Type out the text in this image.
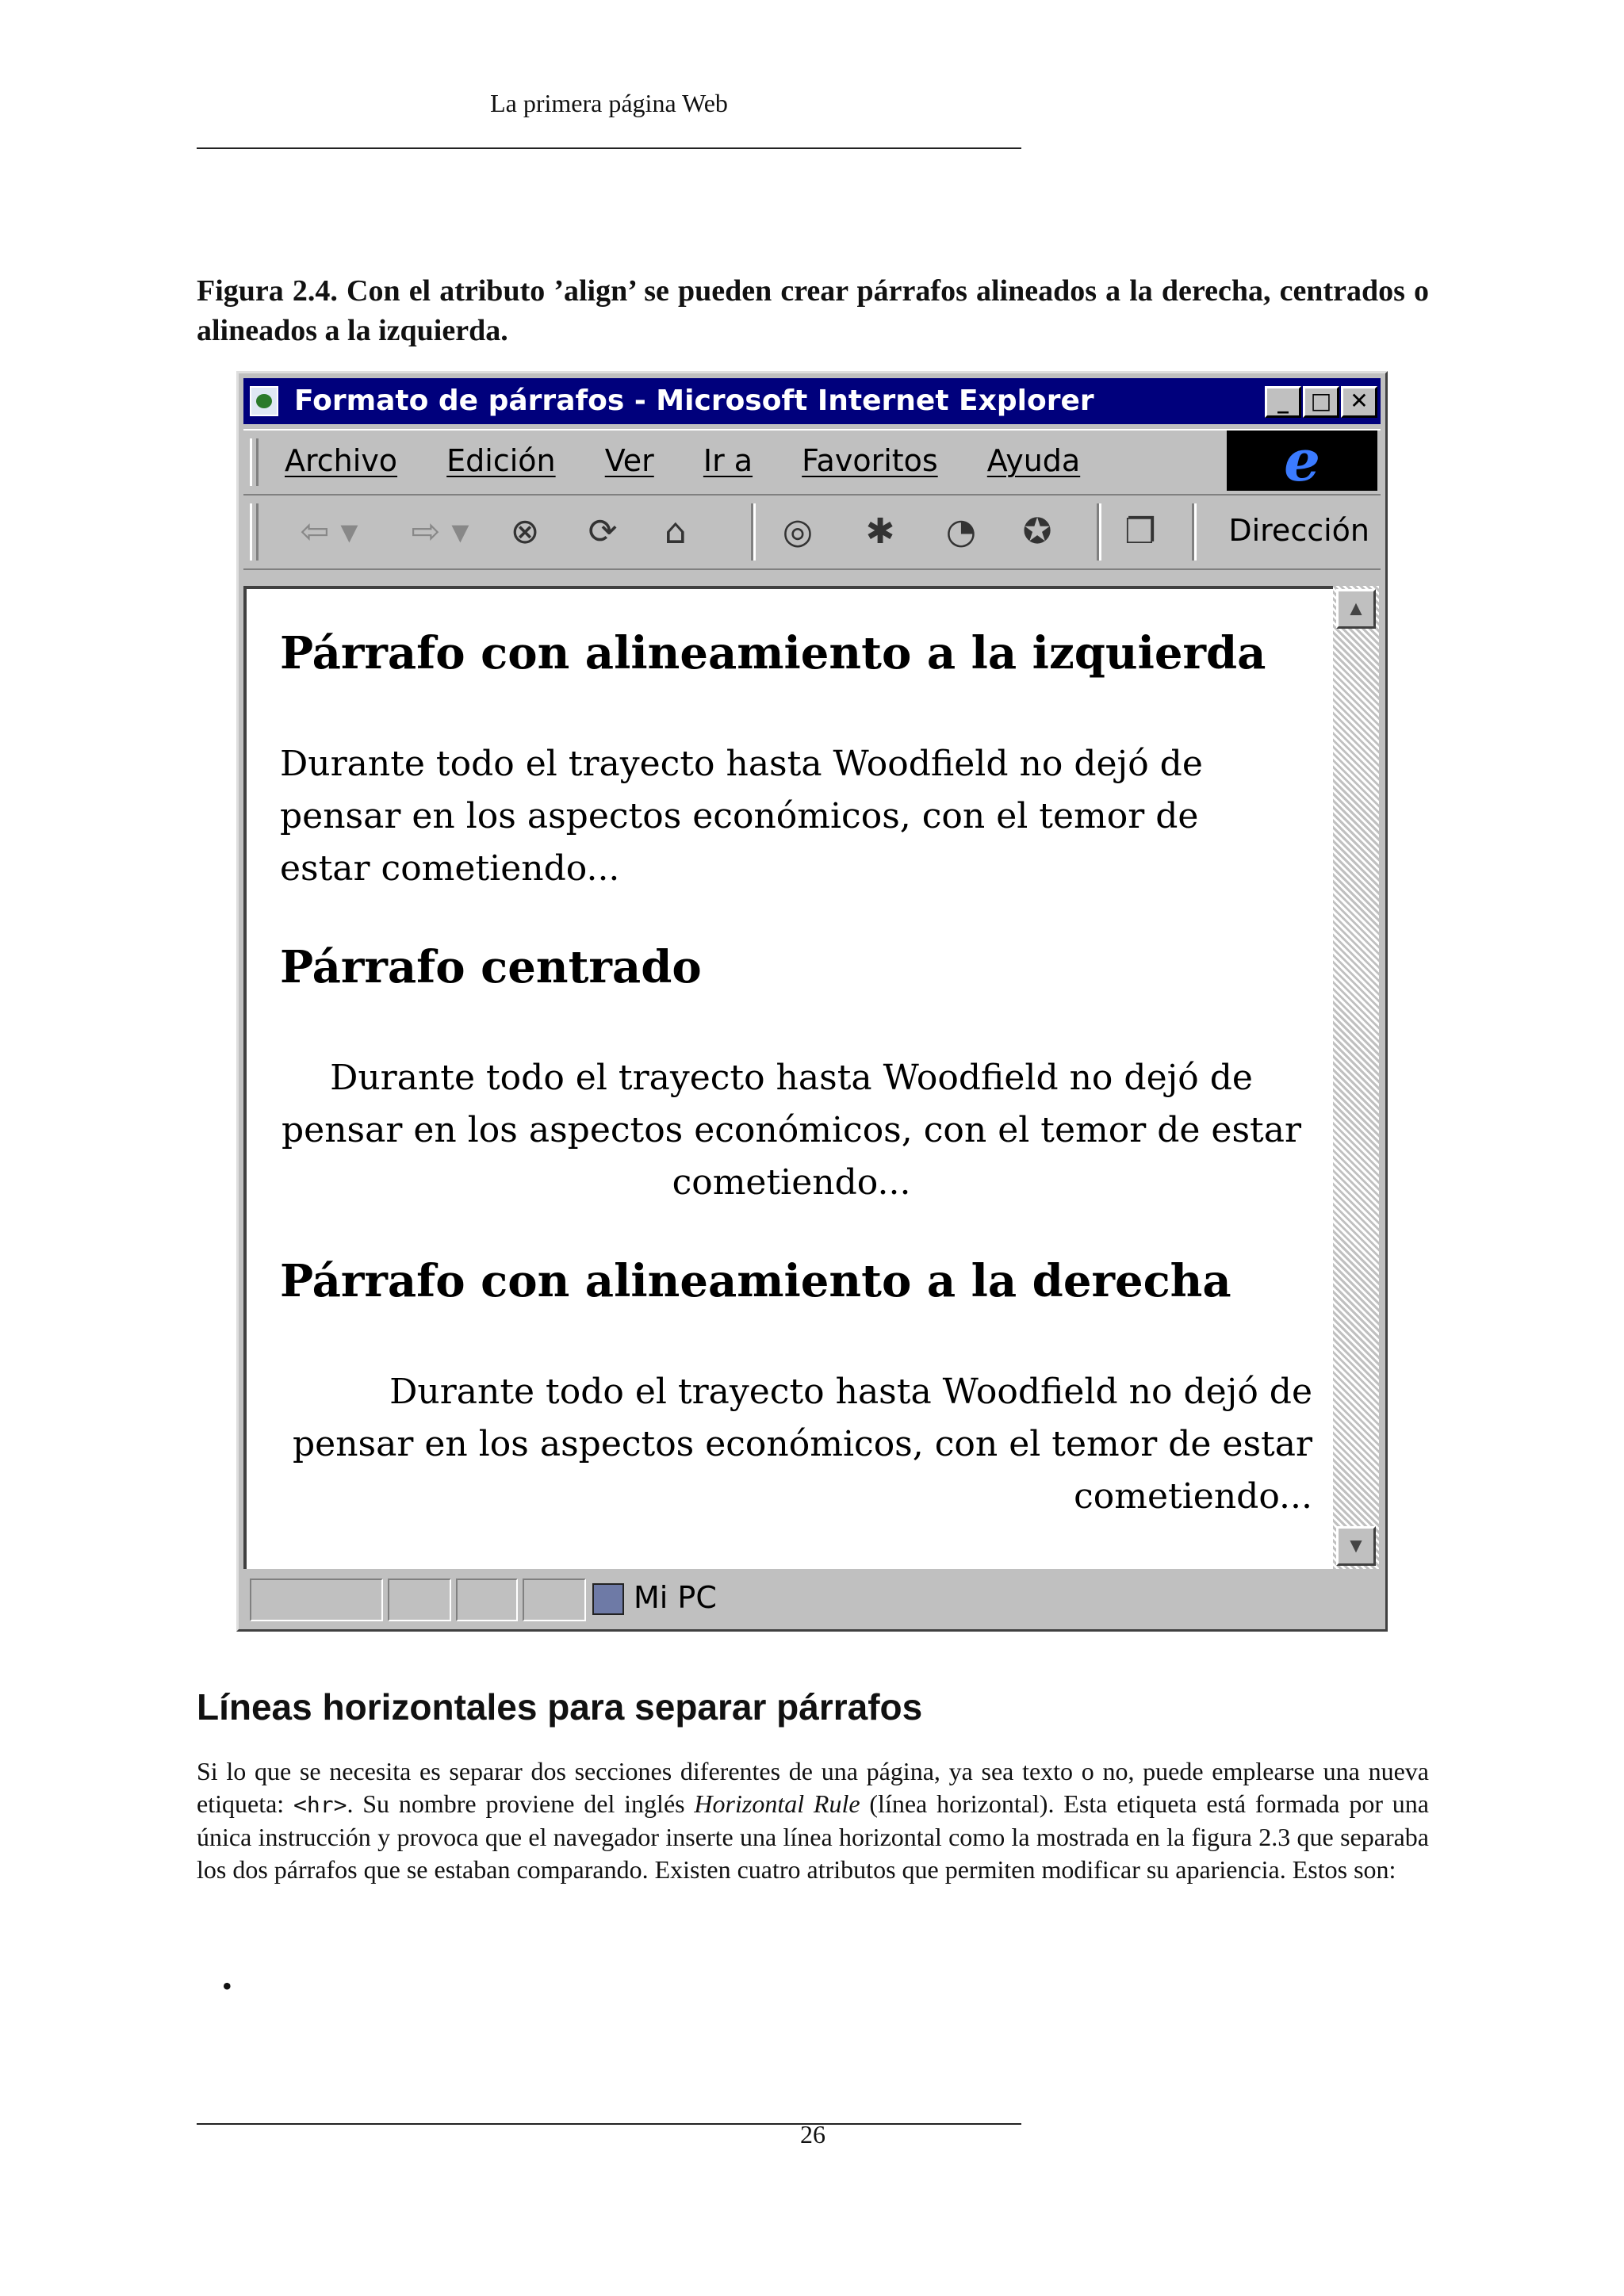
La primera página Web
Figura 2.4. Con el atributo ’align’ se pueden crear párrafos alineados a la derecha, centrados o alineados a la izquierda.
Formato de párrafos - Microsoft Internet Explorer	_ □ ✕
Archivo Edición Ver Ir a Favoritos Ayuda	e
⇦ ▾	⇨ ▾	⊗	⟳	⌂	◎	✱	◔	✪	❐	Dirección
Párrafo con alineamiento a la izquierda
Durante todo el trayecto hasta Woodfield no dejó de pensar en los aspectos económicos, con el temor de estar cometiendo...
Párrafo centrado
Durante todo el trayecto hasta Woodfield no dejó de pensar en los aspectos económicos, con el temor de estar cometiendo...
Párrafo con alineamiento a la derecha
Durante todo el trayecto hasta Woodfield no dejó de pensar en los aspectos económicos, con el temor de estar cometiendo...
▲
▼
Mi PC
Líneas horizontales para separar párrafos
Si lo que se necesita es separar dos secciones diferentes de una página, ya sea texto o no, puede emplearse una nueva etiqueta: <hr>. Su nombre proviene del inglés Horizontal Rule (línea horizontal). Esta etiqueta está formada por una única instrucción y provoca que el navegador inserte una línea horizontal como la mostrada en la figura 2.3 que separaba los dos párrafos que se estaban comparando. Existen cuatro atributos que permiten modificar su apariencia. Estos son:
•
26
